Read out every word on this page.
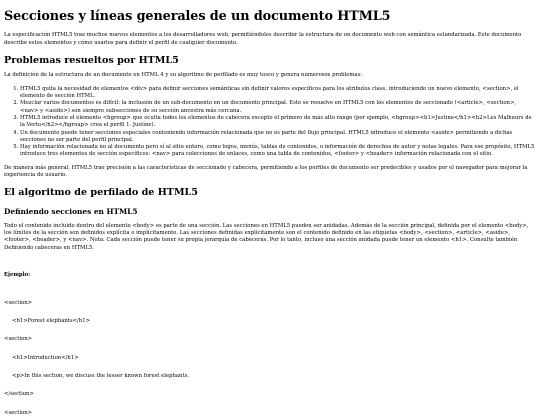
Secciones y líneas generales de un documento HTML5

La especificación HTML5 trae muchos nuevos elementos a los desarrolladores web, permitiéndoles describir la estructura de un documento web con semántica estandarizada. Este documento describe estos elementos y cómo usarlos para definir el perfil de cualquier documento.

Problemas resueltos por HTML5

La definición de la estructura de un documento en HTML 4 y su algoritmo de perfilado es muy tosco y genera numerosos problemas:

1. HTML5 quita la necesidad de elementos <div> para definir secciones semánticas sin definir valores específicos para los atributos class, introduciendo un nuevo elemento, <section>, el elemento de sección HTML.
2. Mezclar varios documentos es difícil: la inclusión de un sub-documento en un documento principal. Esto se resuelve en HTML5 con los elementos de seccionado (<article>, <section>, <nav> y <aside>) son siempre subsecciones de su sección ancestra más cercana.
3. HTML5 introduce el elemento <hgroup> que oculta todos los elementos de cabecera excepto el primero de más alto rango (por ejemplo, <hgroup><h1>Justine</h1><h2>Les Malheurs de la Vertu</h2></hgroup> crea el perfil 1. Justine).
4. Un documento puede tener secciones especiales conteniendo información relacionada que no es parte del flujo principal. HTML5 introduce el elemento <aside> permitiendo a dichas secciones no ser parte del perfil principal.
5. Hay información relacionada no al documento pero sí al sitio entero, como logos, menús, tablas de contenidos, o información de derechos de autor y notas legales. Para ese propósito, HTML5 introduce tres elementos de sección específicos: <nav> para colecciones de enlaces, como una tabla de contenidos, <footer> y <header> información relacionada con el sitio.

De manera más general, HTML5 trae precisión a las características de seccionado y cabecera, permitiendo a los perfiles de documento ser predecibles y usados por el navegador para mejorar la experiencia de usuario.

El algoritmo de perfilado de HTML5
Definiendo secciones en HTML5

Todo el contenido incluido dentro del elemento <body> es parte de una sección. Las secciones en HTML5 pueden ser anidadas. Además de la sección principal, definida por el elemento <body>, los límites de la sección son definidos explícita o implícitamente. Las secciones definidas explícitamente son el contenido definido en las etiquetas <body>, <section>, <article>, <aside>, <footer>, <header>, y <nav>. Nota: Cada sección puede tener su propia jerarquía de cabeceras. Por lo tanto, incluso una sección anidada puede tener un elemento <h1>. Consulte también Definiendo cabeceras en HTML5.

Ejemplo:
<section>
<h1>Forest elephants</h1>
<section>
<h1>Introduction</h1>
<p>In this section, we discuss the lesser known forest elephants.
</section>
<section>
